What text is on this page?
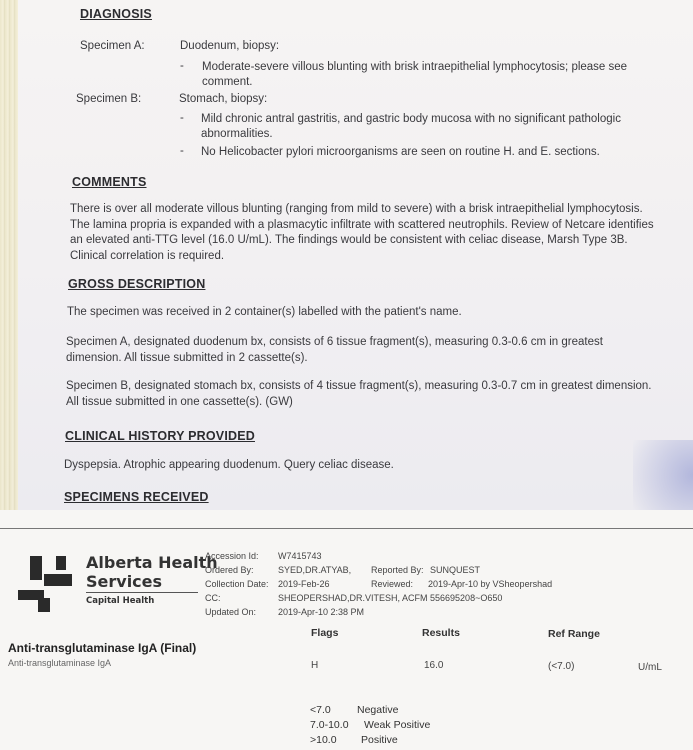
DIAGNOSIS
Specimen A:	Duodenum, biopsy:
- Moderate-severe villous blunting with brisk intraepithelial lymphocytosis; please see comment.

Specimen B:	Stomach, biopsy:
- Mild chronic antral gastritis, and gastric body mucosa with no significant pathologic abnormalities.

- No Helicobacter pylori microorganisms are seen on routine H. and E. sections.

COMMENTS

There is over all moderate villous blunting (ranging from mild to severe) with a brisk intraepithelial lymphocytosis. The lamina propria is expanded with a plasmacytic infiltrate with scattered neutrophils. Review of Netcare identifies an elevated anti-TTG level (16.0 U/mL). The findings would be consistent with celiac disease, Marsh Type 3B. Clinical correlation is required.

GROSS DESCRIPTION

The specimen was received in 2 container(s) labelled with the patient's name.

Specimen A, designated duodenum bx, consists of 6 tissue fragment(s), measuring 0.3-0.6 cm in greatest dimension. All tissue submitted in 2 cassette(s).

Specimen B, designated stomach bx, consists of 4 tissue fragment(s), measuring 0.3-0.7 cm in greatest dimension. All tissue submitted in one cassette(s). (GW)

CLINICAL HISTORY PROVIDED

Dyspepsia. Atrophic appearing duodenum. Query celiac disease.

SPECIMENS RECEIVED
Alberta Health
Services
Capital Health
Accession Id: W7415743
Ordered By:	SYED,DR.ATYAB, Reported By: SUNQUEST
Collection Date: 2019-Feb-26	Reviewed: 2019-Apr-10 by VSheopershad
CC:	SHEOPERSHAD,DR.VITESH, ACFM 556695208~O650
Updated On: 2019-Apr-10 2:38 PM
Flags	Results	Ref Range
Anti-transglutaminase IgA (Final)
Anti-transglutaminase IgA	H	16.0	(<7.0)	U/mL
<7.0	Negative
7.0-10.0 Weak Positive
>10.0 Positive
